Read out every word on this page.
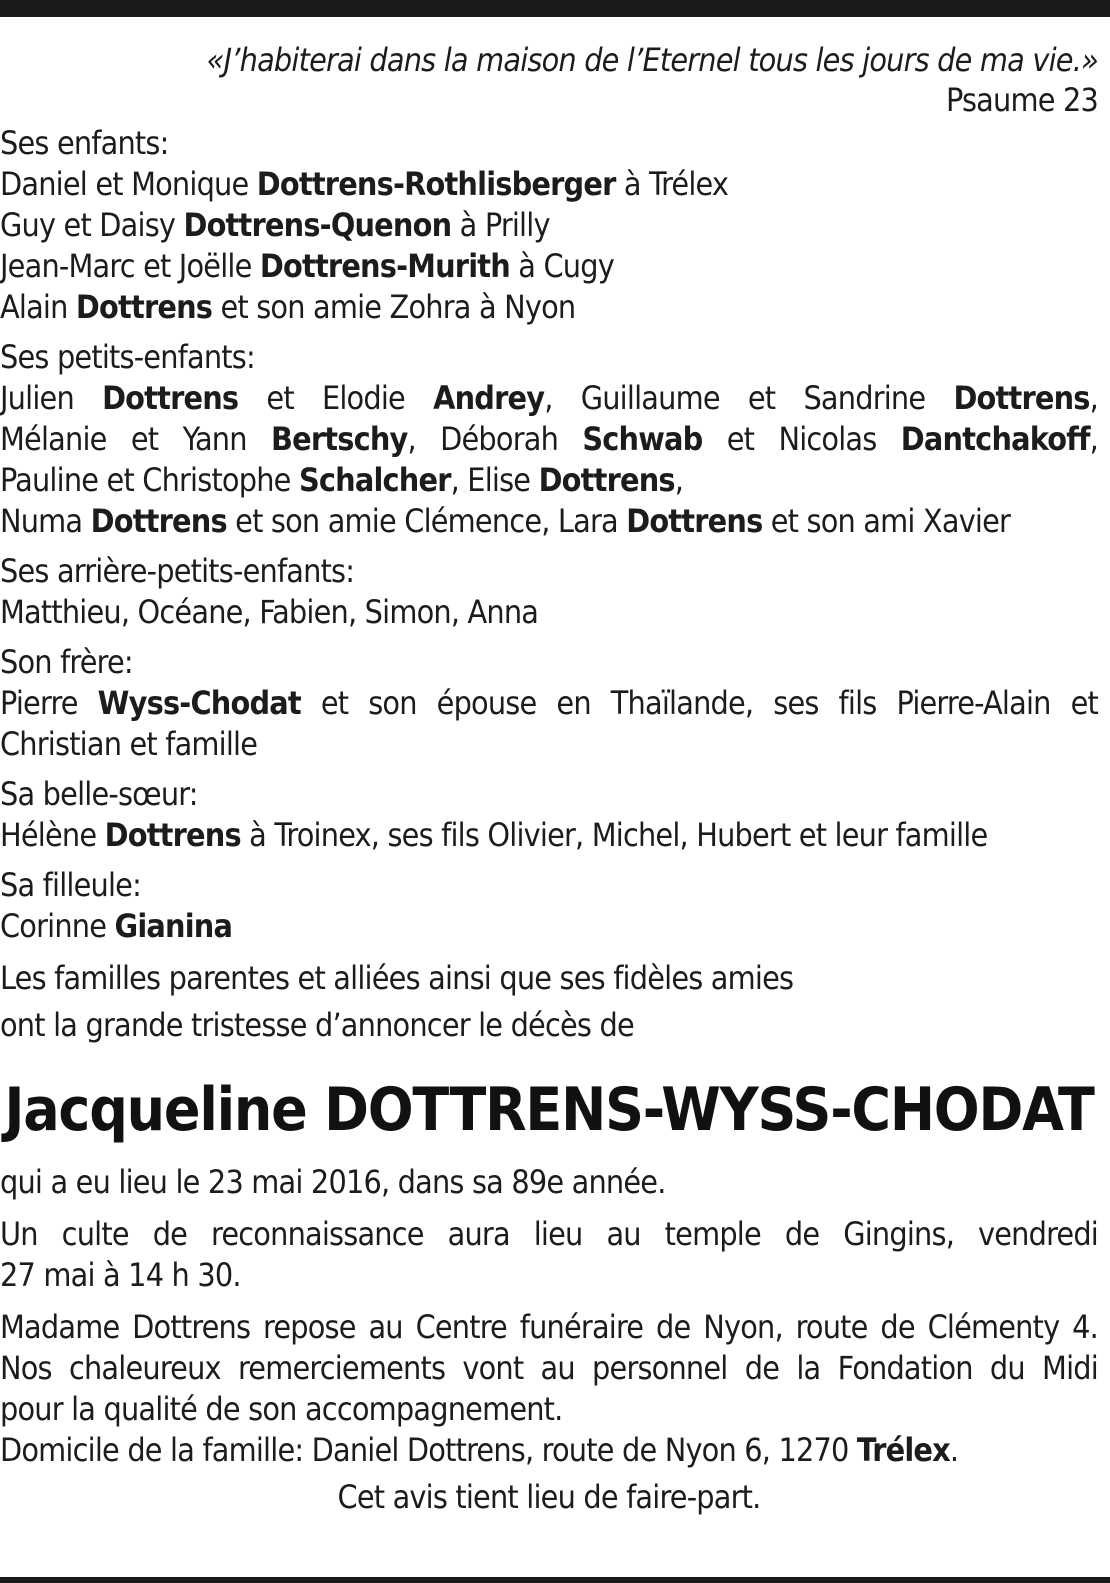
«J’habiterai dans la maison de l’Eternel tous les jours de ma vie.»
Psaume 23
Ses enfants:
Daniel et Monique Dottrens-Rothlisberger à Trélex
Guy et Daisy Dottrens-Quenon à Prilly
Jean-Marc et Joëlle Dottrens-Murith à Cugy
Alain Dottrens et son amie Zohra à Nyon
Ses petits-enfants:
Julien Dottrens et Elodie Andrey, Guillaume et Sandrine Dottrens,
Mélanie et Yann Bertschy, Déborah Schwab et Nicolas Dantchakoff,
Pauline et Christophe Schalcher, Elise Dottrens,
Numa Dottrens et son amie Clémence, Lara Dottrens et son ami Xavier
Ses arrière-petits-enfants:
Matthieu, Océane, Fabien, Simon, Anna
Son frère:
Pierre Wyss-Chodat et son épouse en Thaïlande, ses fils Pierre-Alain et
Christian et famille
Sa belle-sœur:
Hélène Dottrens à Troinex, ses fils Olivier, Michel, Hubert et leur famille
Sa filleule:
Corinne Gianina
Les familles parentes et alliées ainsi que ses fidèles amies
ont la grande tristesse d’annoncer le décès de
Jacqueline DOTTRENS-WYSS-CHODAT
qui a eu lieu le 23 mai 2016, dans sa 89e année.
Un culte de reconnaissance aura lieu au temple de Gingins, vendredi
27 mai à 14 h 30.
Madame Dottrens repose au Centre funéraire de Nyon, route de Clémenty 4.
Nos chaleureux remerciements vont au personnel de la Fondation du Midi
pour la qualité de son accompagnement.
Domicile de la famille: Daniel Dottrens, route de Nyon 6, 1270 Trélex.
Cet avis tient lieu de faire-part.
